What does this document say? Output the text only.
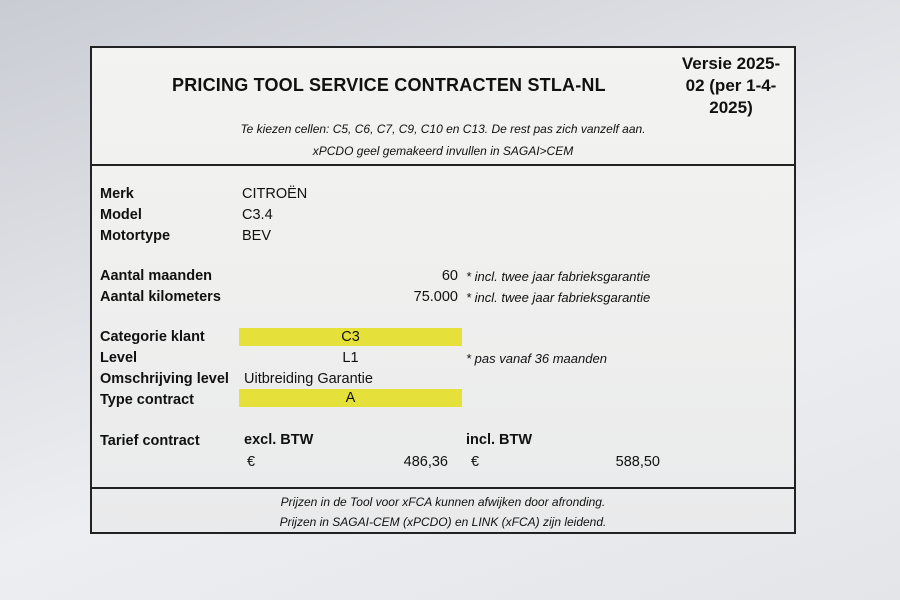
PRICING TOOL SERVICE CONTRACTEN STLA-NL
Versie 2025-
02 (per 1-4-
2025)
Te kiezen cellen: C5, C6, C7, C9, C10 en C13. De rest pas zich vanzelf aan.
xPCDO geel gemakeerd invullen in SAGAI>CEM
Merk	CITROËN
Model	C3.4
Motortype	BEV
Aantal maanden	60 * incl. twee jaar fabrieksgarantie
Aantal kilometers	75.000 * incl. twee jaar fabrieksgarantie
Categorie klant	C3
Level	L1	* pas vanaf 36 maanden
Omschrijving level Uitbreiding Garantie
Type contract	A
Tarief contract	excl. BTW	incl. BTW
€	486,36 €	588,50
Prijzen in de Tool voor xFCA kunnen afwijken door afronding.
Prijzen in SAGAI-CEM (xPCDO) en LINK (xFCA) zijn leidend.
